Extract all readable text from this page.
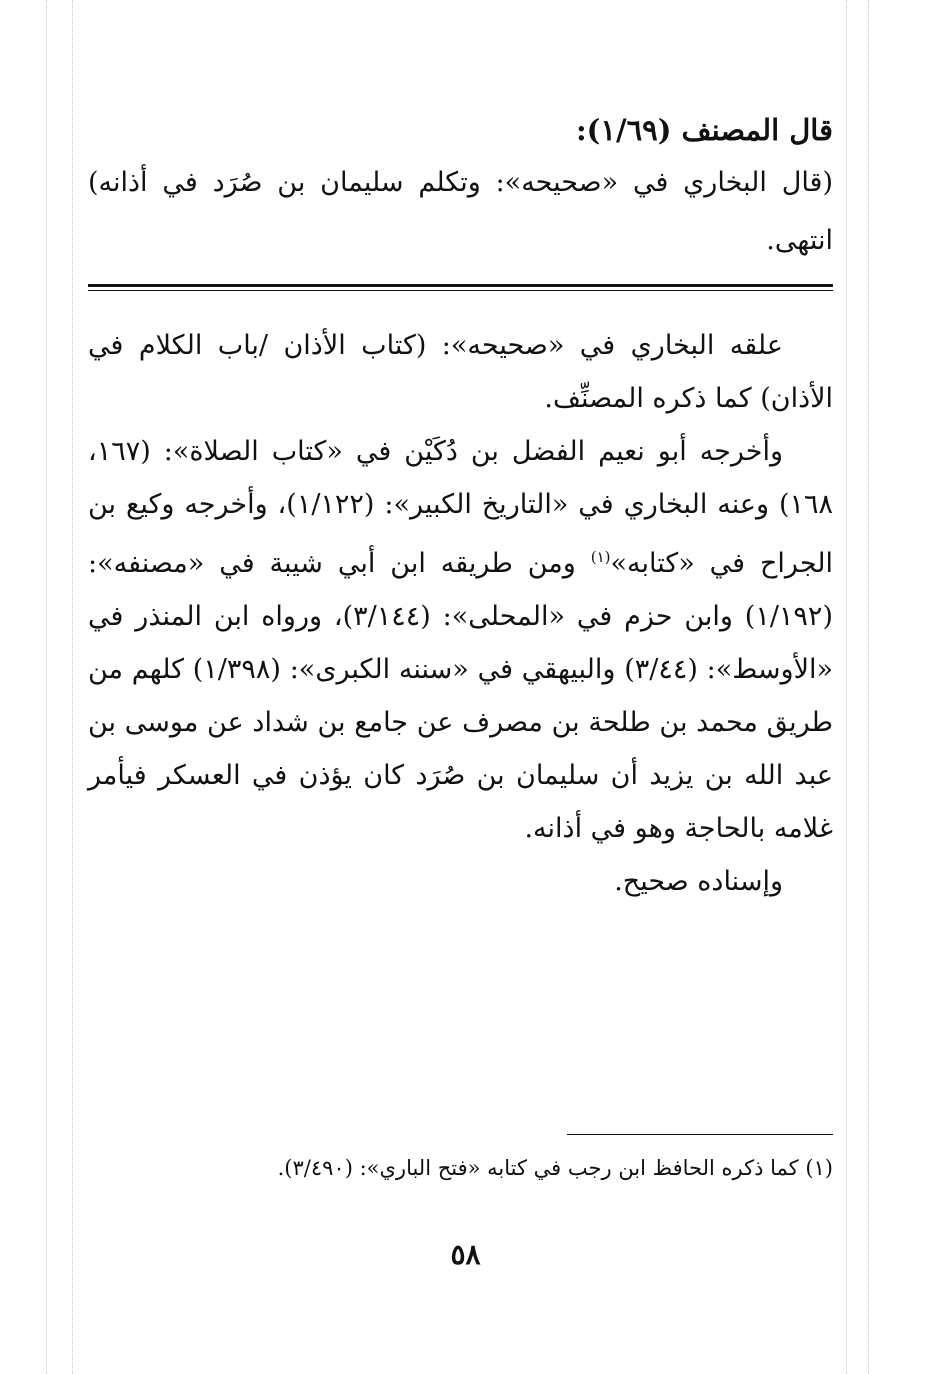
قال المصنف (١/٦٩):
(قال البخاري في «صحيحه»: وتكلم سليمان بن صُرَد في أذانه) انتهى.

علقه البخاري في «صحيحه»: (كتاب الأذان /باب الكلام في الأذان) كما ذكره المصنِّف.

وأخرجه أبو نعيم الفضل بن دُكَيْن في «كتاب الصلاة»: (١٦٧، ١٦٨) وعنه البخاري في «التاريخ الكبير»: (١/١٢٢)، وأخرجه وكيع بن الجراح في «كتابه»$^{(١)}$ ومن طريقه ابن أبي شيبة في «مصنفه»: (١/١٩٢) وابن حزم في «المحلى»: (٣/١٤٤)، ورواه ابن المنذر في «الأوسط»: (٣/٤٤) والبيهقي في «سننه الكبرى»: (١/٣٩٨) كلهم من طريق محمد بن طلحة بن مصرف عن جامع بن شداد عن موسى بن عبد الله بن يزيد أن سليمان بن صُرَد كان يؤذن في العسكر فيأمر غلامه بالحاجة وهو في أذانه.

وإسناده صحيح.

(١) كما ذكره الحافظ ابن رجب في كتابه «فتح الباري»: (٣/٤٩٠).
٥٨
